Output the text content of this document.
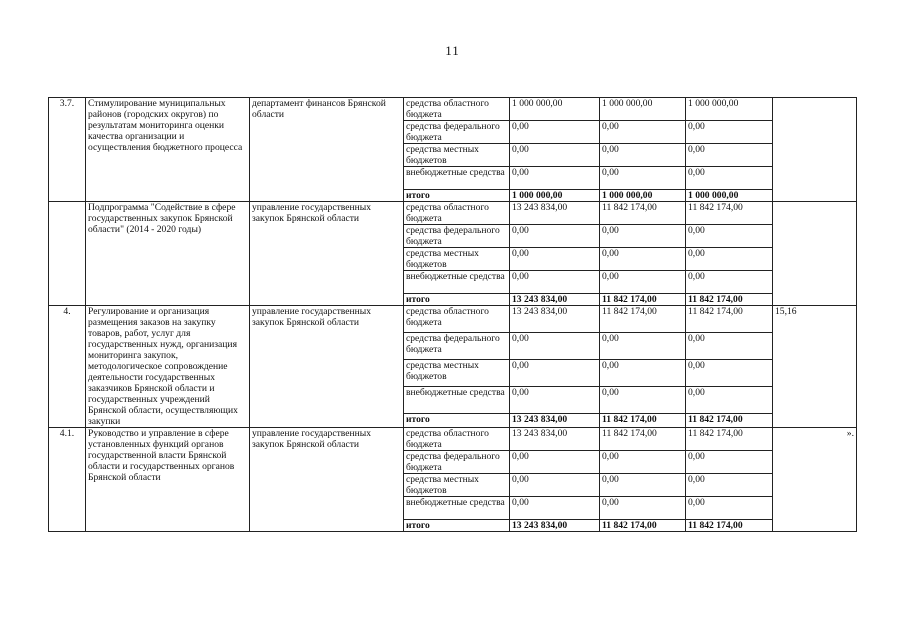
11
3.7.	Стимулирование муниципальных районов (городских округов) по результатам мониторинга оценки качества организации и осуществления бюджетного процесса	департамент финансов Брянской области	средства областного бюджета	1 000 000,00	1 000 000,00	1 000 000,00	
			средства федерального бюджета	0,00	0,00	0,00	
			средства местных бюджетов	0,00	0,00	0,00	
			внебюджетные средства	0,00	0,00	0,00	
			итого	1 000 000,00	1 000 000,00	1 000 000,00	
	Подпрограмма "Содействие в сфере государственных закупок Брянской области" (2014 - 2020 годы)	управление государственных закупок Брянской области	средства областного бюджета	13 243 834,00	11 842 174,00	11 842 174,00	
			средства федерального бюджета	0,00	0,00	0,00	
			средства местных бюджетов	0,00	0,00	0,00	
			внебюджетные средства	0,00	0,00	0,00	
			итого	13 243 834,00	11 842 174,00	11 842 174,00	
4.	Регулирование и организация размещения заказов на закупку товаров, работ, услуг для государственных нужд, организация мониторинга закупок, методологическое сопровождение деятельности государственных заказчиков Брянской области и государственных учреждений Брянской области, осуществляющих закупки	управление государственных закупок Брянской области	средства областного бюджета	13 243 834,00	11 842 174,00	11 842 174,00	15,16
			средства федерального бюджета	0,00	0,00	0,00	
			средства местных бюджетов	0,00	0,00	0,00	
			внебюджетные средства	0,00	0,00	0,00	
			итого	13 243 834,00	11 842 174,00	11 842 174,00	
4.1.	Руководство и управление в сфере установленных функций органов государственной власти Брянской области и государственных органов Брянской области	управление государственных закупок Брянской области	средства областного бюджета	13 243 834,00	11 842 174,00	11 842 174,00	».
			средства федерального бюджета	0,00	0,00	0,00	
			средства местных бюджетов	0,00	0,00	0,00	
			внебюджетные средства	0,00	0,00	0,00	
			итого	13 243 834,00	11 842 174,00	11 842 174,00	
